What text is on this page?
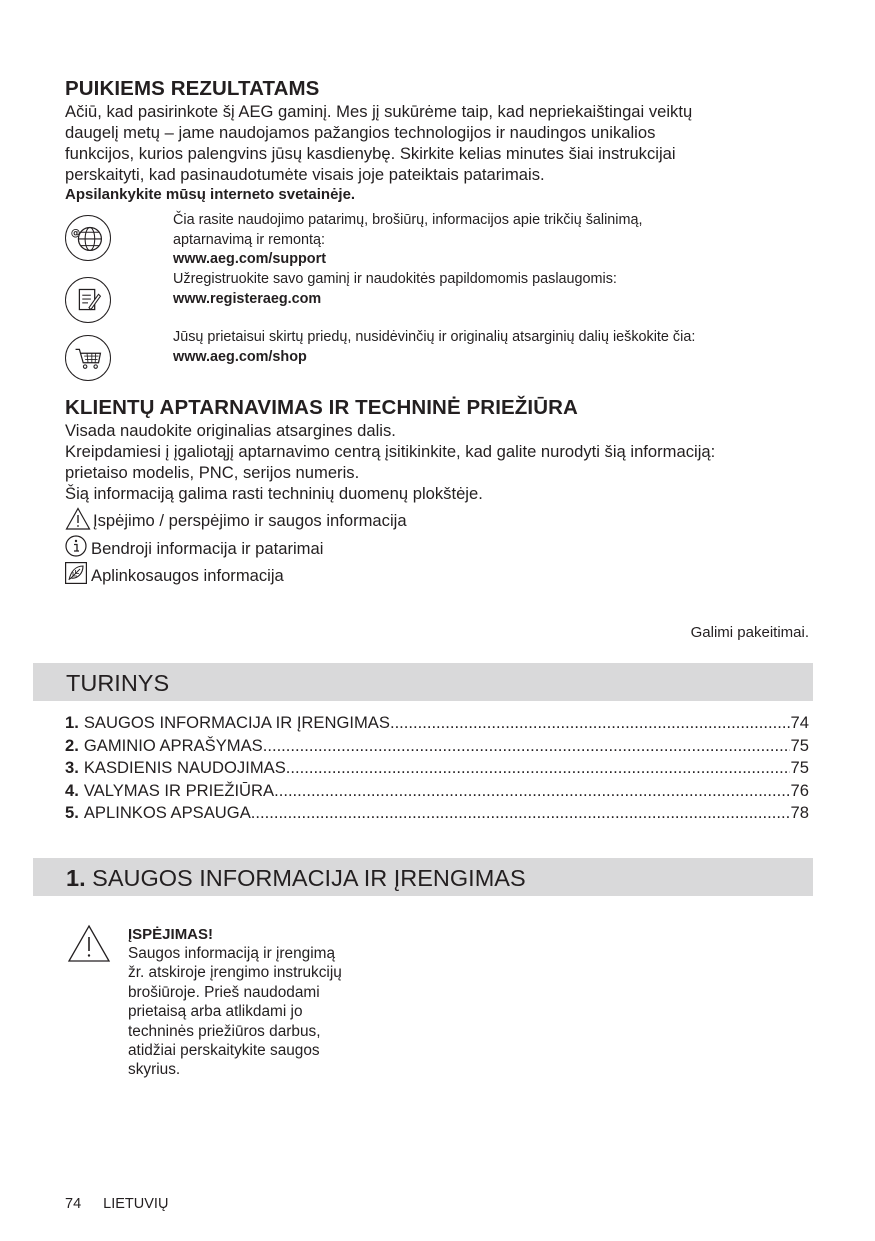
PUIKIEMS REZULTATAMS
Ačiū, kad pasirinkote šį AEG gaminį. Mes jį sukūrėme taip, kad nepriekaištingai veiktų
daugelį metų – jame naudojamos pažangios technologijos ir naudingos unikalios
funkcijos, kurios palengvins jūsų kasdienybę. Skirkite kelias minutes šiai instrukcijai
perskaityti, kad pasinaudotumėte visais joje pateiktais patarimais.
Apsilankykite mūsų interneto svetainėje.
@
Čia rasite naudojimo patarimų, brošiūrų, informacijos apie trikčių šalinimą,
aptarnavimą ir remontą:
www.aeg.com/support
Užregistruokite savo gaminį ir naudokitės papildomomis paslaugomis:
www.registeraeg.com
Jūsų prietaisui skirtų priedų, nusidėvinčių ir originalių atsarginių dalių ieškokite čia:
www.aeg.com/shop
KLIENTŲ APTARNAVIMAS IR TECHNINĖ PRIEŽIŪRA
Visada naudokite originalias atsargines dalis.
Kreipdamiesi į įgaliotąjį aptarnavimo centrą įsitikinkite, kad galite nurodyti šią informaciją:
prietaiso modelis, PNC, serijos numeris.
Šią informaciją galima rasti techninių duomenų plokštėje.
Įspėjimo / perspėjimo ir saugos informacija
Bendroji informacija ir patarimai
Aplinkosaugos informacija
Galimi pakeitimai.
TURINYS
1. SAUGOS INFORMACIJA IR ĮRENGIMAS .....	74
2. GAMINIO APRAŠYMAS .....	75
3. KASDIENIS NAUDOJIMAS .....	75
4. VALYMAS IR PRIEŽIŪRA .....	76
5. APLINKOS APSAUGA .....	78
1. SAUGOS INFORMACIJA IR ĮRENGIMAS
ĮSPĖJIMAS!
Saugos informaciją ir įrengimą
žr. atskiroje įrengimo instrukcijų
brošiūroje. Prieš naudodami
prietaisą arba atlikdami jo
techninės priežiūros darbus,
atidžiai perskaitykite saugos
skyrius.
74 LIETUVIŲ
